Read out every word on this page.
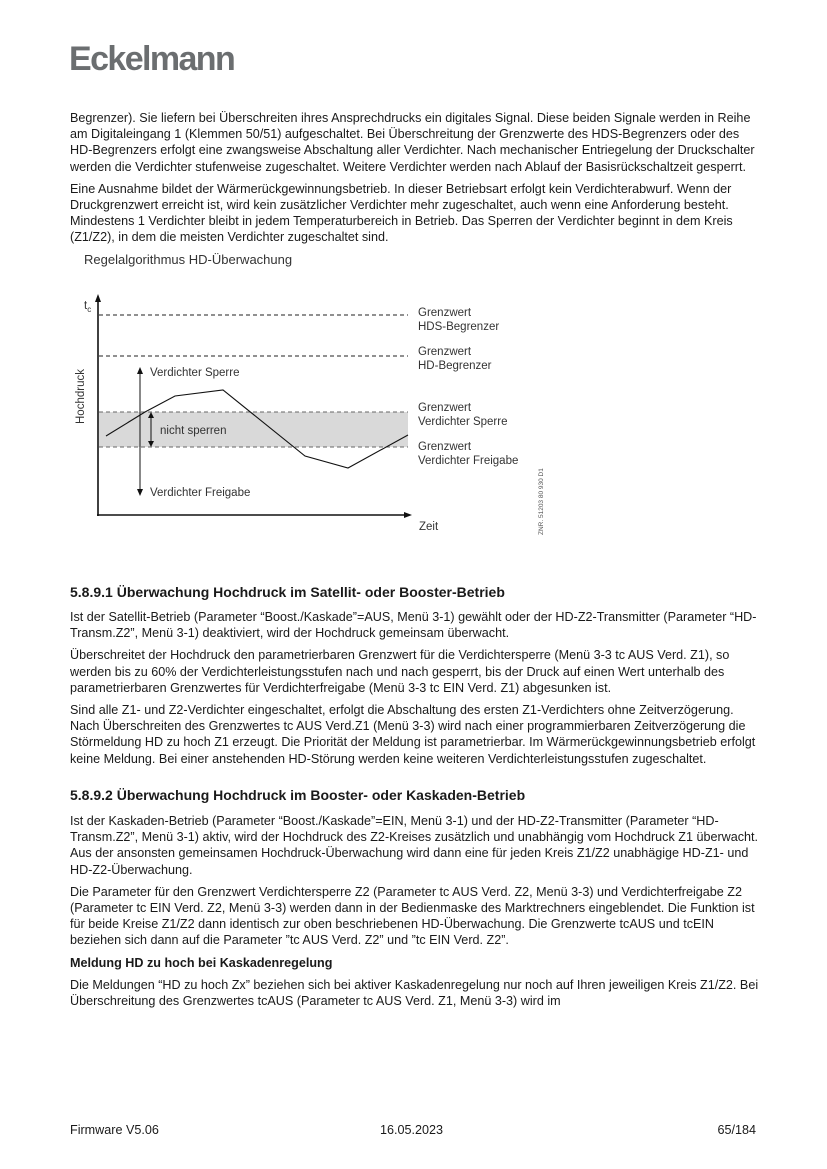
Eckelmann

Begrenzer). Sie liefern bei Überschreiten ihres Ansprechdrucks ein digitales Signal. Diese beiden Signale werden in Reihe am Digitaleingang 1 (Klemmen 50/51) aufgeschaltet. Bei Überschreitung der Grenzwerte des HDS-Begrenzers oder des HD-Begrenzers erfolgt eine zwangsweise Abschaltung aller Verdichter. Nach mechanischer Entriegelung der Druckschalter werden die Verdichter stufenweise zugeschaltet. Weitere Verdichter werden nach Ablauf der Basisrückschaltzeit gesperrt.

Eine Ausnahme bildet der Wärmerückgewinnungsbetrieb. In dieser Betriebsart erfolgt kein Verdichterabwurf. Wenn der Druckgrenzwert erreicht ist, wird kein zusätzlicher Verdichter mehr zugeschaltet, auch wenn eine Anforderung besteht. Mindestens 1 Verdichter bleibt in jedem Temperaturbereich in Betrieb. Das Sperren der Verdichter beginnt in dem Kreis (Z1/Z2), in dem die meisten Verdichter zugeschaltet sind.

Regelalgorithmus HD-Überwachung
$t_c$
Hochdruck
Zeit
Verdichter Sperre
nicht sperren
Verdichter Freigabe
Grenzwert HDS-Begrenzer
Grenzwert HD-Begrenzer
Grenzwert Verdichter Sperre
Grenzwert Verdichter Freigabe
ZNR. 51203 80 930 D1
5.8.9.1 Überwachung Hochdruck im Satellit- oder Booster-Betrieb

Ist der Satellit-Betrieb (Parameter “Boost./Kaskade”=AUS, Menü 3-1) gewählt oder der HD-Z2-Transmitter (Parameter “HD-Transm.Z2”, Menü 3-1) deaktiviert, wird der Hochdruck gemeinsam überwacht.

Überschreitet der Hochdruck den parametrierbaren Grenzwert für die Verdichtersperre (Menü 3-3 tc AUS Verd. Z1), so werden bis zu 60% der Verdichterleistungsstufen nach und nach gesperrt, bis der Druck auf einen Wert unterhalb des parametrierbaren Grenzwertes für Verdichterfreigabe (Menü 3-3 tc EIN Verd. Z1) abgesunken ist.

Sind alle Z1- und Z2-Verdichter eingeschaltet, erfolgt die Abschaltung des ersten Z1-Verdichters ohne Zeitverzögerung. Nach Überschreiten des Grenzwertes tc AUS Verd.Z1 (Menü 3-3) wird nach einer programmierbaren Zeitverzögerung die Störmeldung HD zu hoch Z1 erzeugt. Die Priorität der Meldung ist parametrierbar. Im Wärmerückgewinnungsbetrieb erfolgt keine Meldung. Bei einer anstehenden HD-Störung werden keine weiteren Verdichterleistungsstufen zugeschaltet.

5.8.9.2 Überwachung Hochdruck im Booster- oder Kaskaden-Betrieb

Ist der Kaskaden-Betrieb (Parameter “Boost./Kaskade”=EIN, Menü 3-1) und der HD-Z2-Transmitter (Parameter “HD-Transm.Z2”, Menü 3-1) aktiv, wird der Hochdruck des Z2-Kreises zusätzlich und unabhängig vom Hochdruck Z1 überwacht. Aus der ansonsten gemeinsamen Hochdruck-Überwachung wird dann eine für jeden Kreis Z1/Z2 unabhägige HD-Z1- und HD-Z2-Überwachung.

Die Parameter für den Grenzwert Verdichtersperre Z2 (Parameter tc AUS Verd. Z2, Menü 3-3) und Verdichterfreigabe Z2 (Parameter tc EIN Verd. Z2, Menü 3-3) werden dann in der Bedienmaske des Marktrechners eingeblendet. Die Funktion ist für beide Kreise Z1/Z2 dann identisch zur oben beschriebenen HD-Überwachung. Die Grenzwerte tcAUS und tcEIN beziehen sich dann auf die Parameter ”tc AUS Verd. Z2” und ”tc EIN Verd. Z2”.

Meldung HD zu hoch bei Kaskadenregelung

Die Meldungen “HD zu hoch Zx” beziehen sich bei aktiver Kaskadenregelung nur noch auf Ihren jeweiligen Kreis Z1/Z2. Bei Überschreitung des Grenzwertes tcAUS (Parameter tc AUS Verd. Z1, Menü 3-3) wird im

Firmware V5.06	16.05.2023	65/184
